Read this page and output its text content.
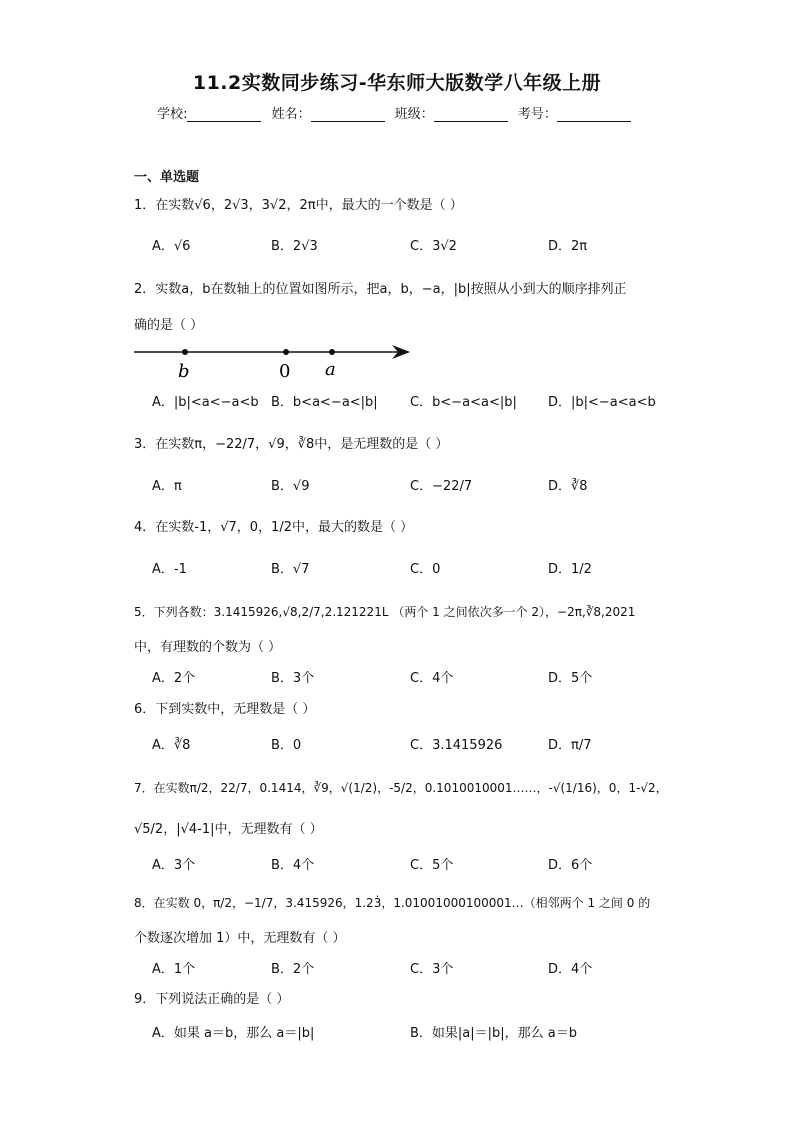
11.2实数同步练习-华东师大版数学八年级上册
学校:	姓名：	班级：	考号：
一、单选题
1．在实数√6，2√3，3√2，2π中，最大的一个数是（ ）
A．√6	B．2√3	C．3√2	D．2π
2．实数a，b在数轴上的位置如图所示，把a，b，−a，|b|按照从小到大的顺序排列正
确的是（ ）
b	0 a
A．|b|<a<−a<b B．b<a<−a<|b| C．b<−a<a<|b| D．|b|<−a<a<b
3．在实数π，−22/7，√9，∛8中，是无理数的是（ ）
A．π	B．√9	C．−22/7	D．∛8
4．在实数-1，√7，0，1/2中，最大的数是（ ）
A．-1	B．√7	C．0	D．1/2
5．下列各数：3.1415926,√8,2/7,2.121221L （两个 1 之间依次多一个 2），−2π,∛8,2021
中，有理数的个数为（ ）
A．2个	B．3个	C．4个	D．5个
6．下到实数中，无理数是（ ）
A．∛8	B．0	C．3.1415926	D．π/7
7．在实数π/2，22/7，0.1414，∛9，√(1/2)，-5/2，0.1010010001……，-√(1/16)，0，1-√2，
√5/2，|√4-1|中，无理数有（ ）
A．3个	B．4个	C．5个	D．6个
8．在实数 0，π/2，−1/7，3.415926，1.23̇，1.01001000100001…（相邻两个 1 之间 0 的
个数逐次增加 1）中，无理数有（ ）
A．1个	B．2个	C．3个	D．4个
9．下列说法正确的是（ ）
A．如果 a＝b，那么 a＝|b|	B．如果|a|＝|b|，那么 a＝b
